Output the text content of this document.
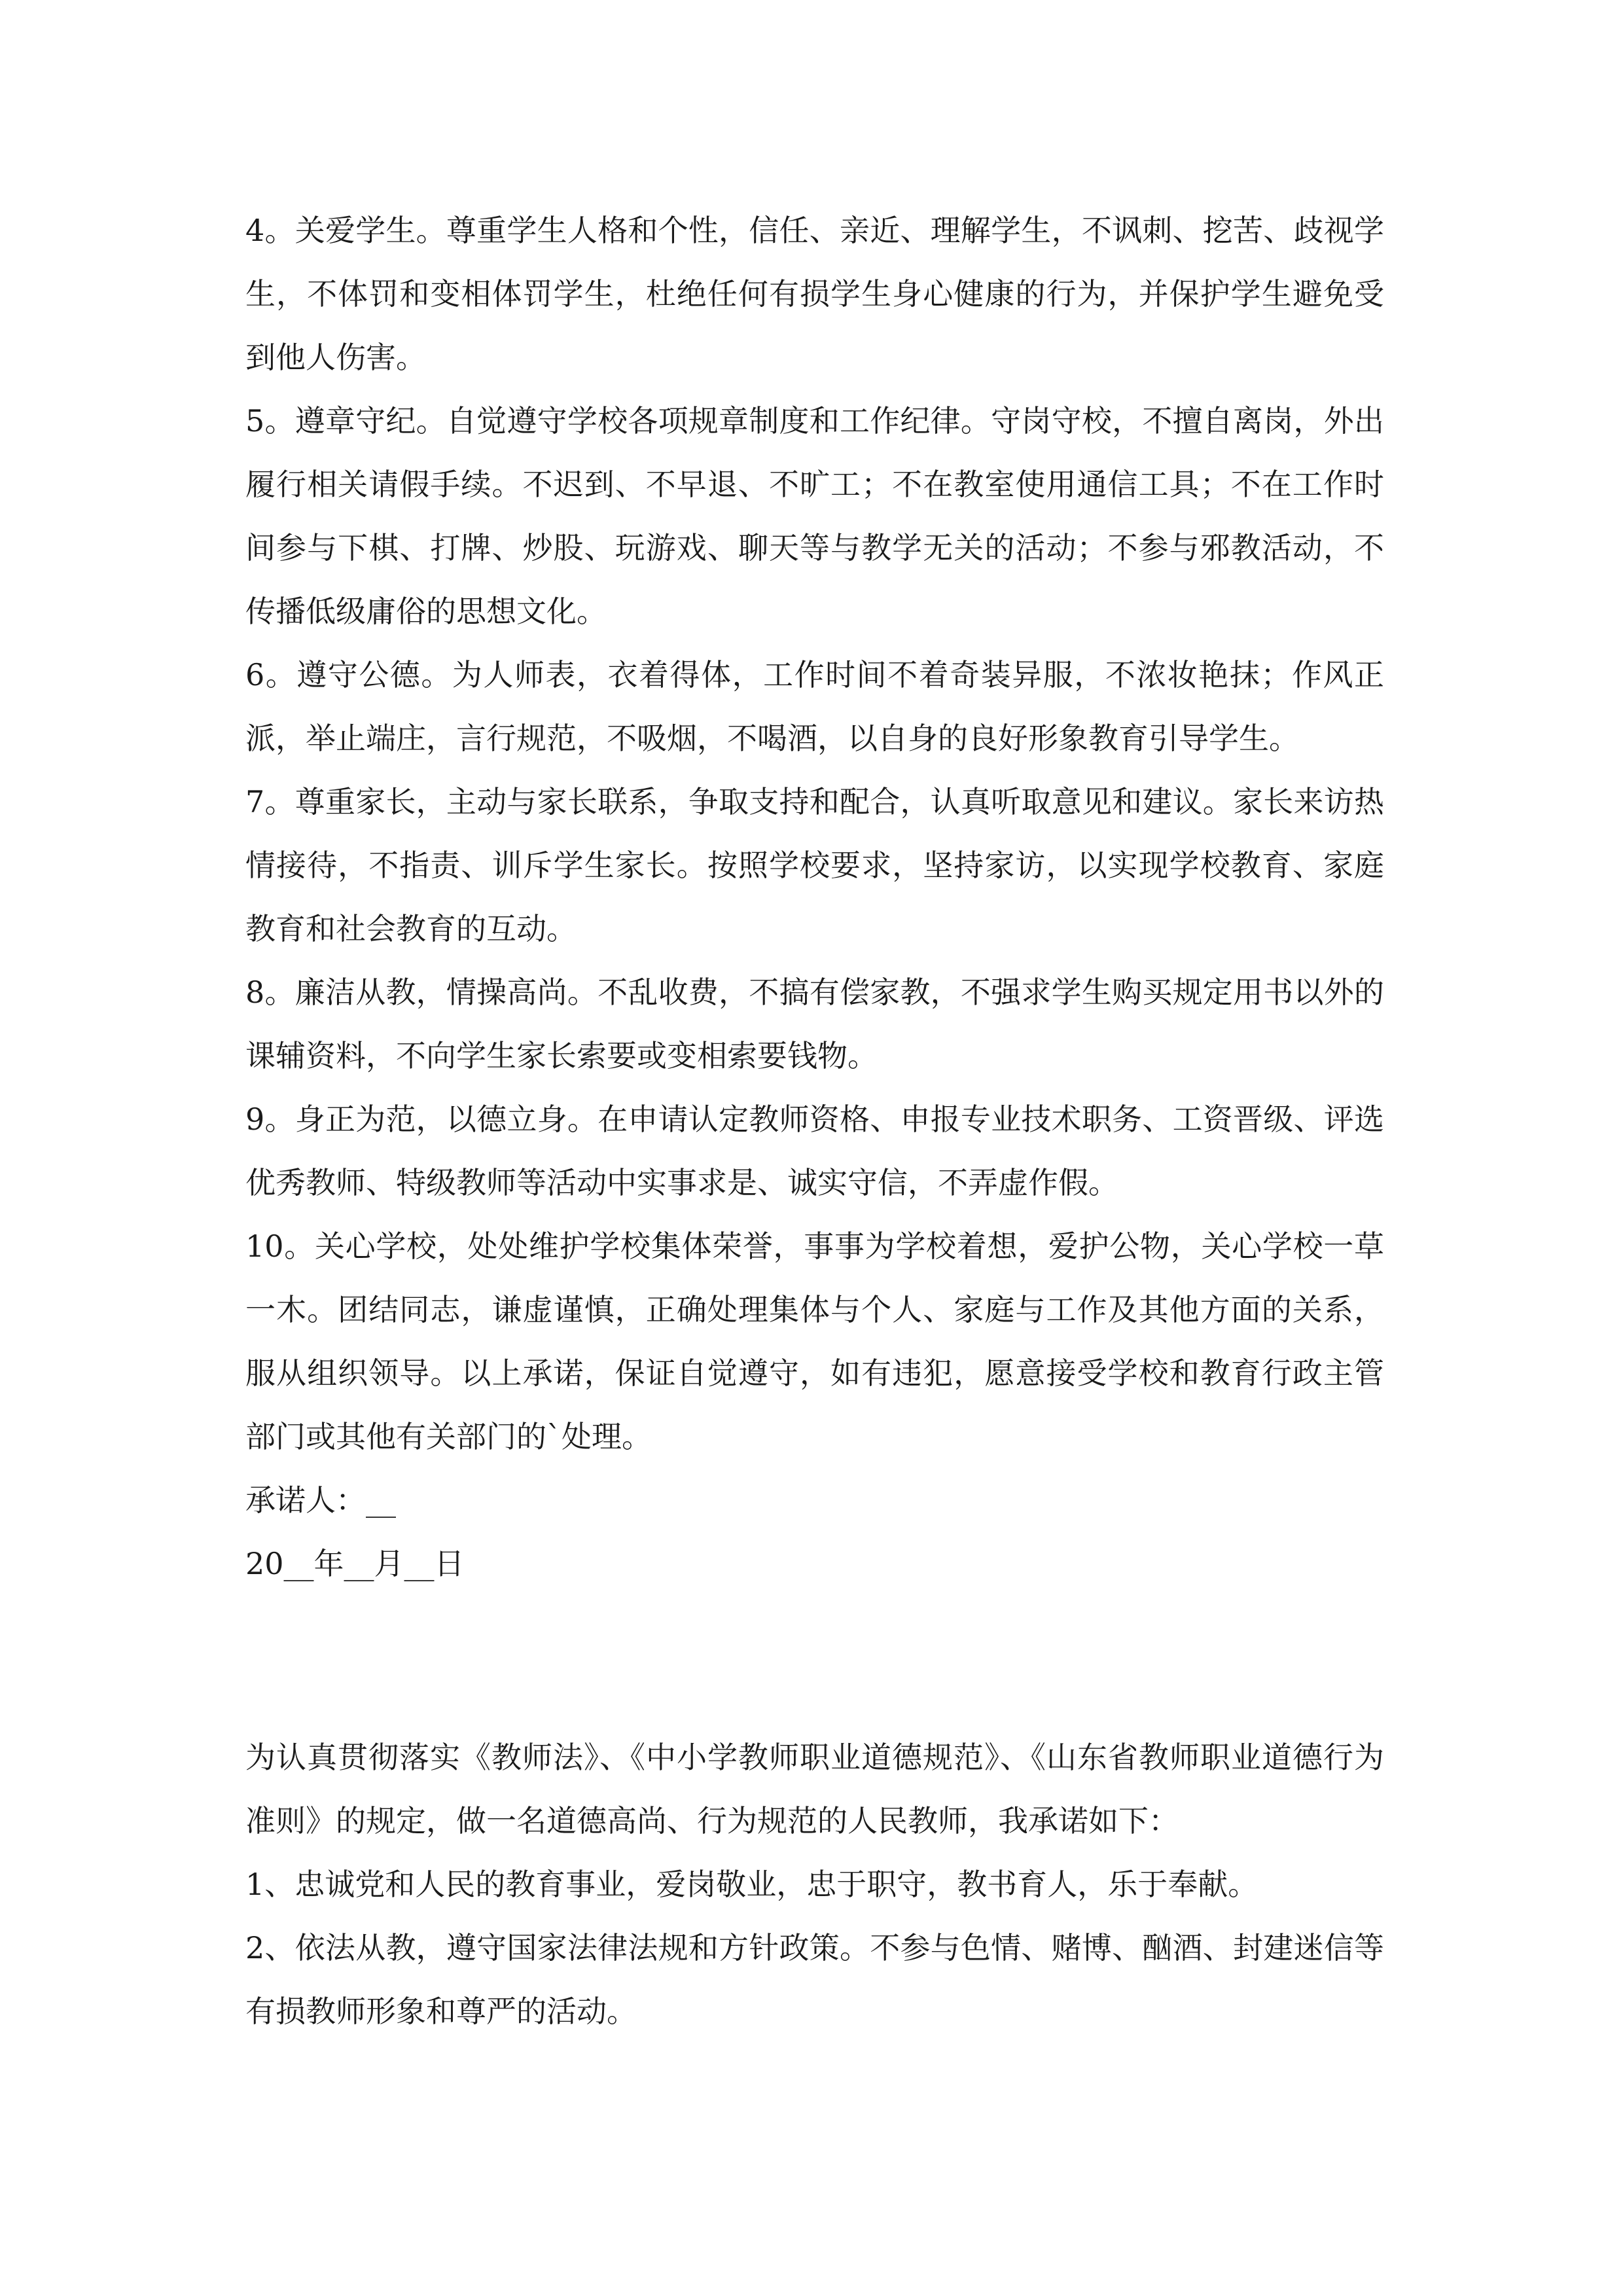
4。关爱学生。尊重学生人格和个性，信任、亲近、理解学生，不讽刺、挖苦、歧视学生，不体罚和变相体罚学生，杜绝任何有损学生身心健康的行为，并保护学生避免受到他人伤害。

5。遵章守纪。自觉遵守学校各项规章制度和工作纪律。守岗守校，不擅自离岗，外出履行相关请假手续。不迟到、不早退、不旷工；不在教室使用通信工具；不在工作时间参与下棋、打牌、炒股、玩游戏、聊天等与教学无关的活动；不参与邪教活动，不传播低级庸俗的思想文化。

6。遵守公德。为人师表，衣着得体，工作时间不着奇装异服，不浓妆艳抹；作风正派，举止端庄，言行规范，不吸烟，不喝酒，以自身的良好形象教育引导学生。

7。尊重家长，主动与家长联系，争取支持和配合，认真听取意见和建议。家长来访热情接待，不指责、训斥学生家长。按照学校要求，坚持家访，以实现学校教育、家庭教育和社会教育的互动。

8。廉洁从教，情操高尚。不乱收费，不搞有偿家教，不强求学生购买规定用书以外的课辅资料，不向学生家长索要或变相索要钱物。

9。身正为范，以德立身。在申请认定教师资格、申报专业技术职务、工资晋级、评选优秀教师、特级教师等活动中实事求是、诚实守信，不弄虚作假。

10。关心学校，处处维护学校集体荣誉，事事为学校着想，爱护公物，关心学校一草一木。团结同志，谦虚谨慎，正确处理集体与个人、家庭与工作及其他方面的关系，服从组织领导。以上承诺，保证自觉遵守，如有违犯，愿意接受学校和教育行政主管部门或其他有关部门的`处理。

承诺人：__

20__年__月__日

为认真贯彻落实《教师法》、《中小学教师职业道德规范》、《山东省教师职业道德行为准则》的规定，做一名道德高尚、行为规范的人民教师，我承诺如下：

1、忠诚党和人民的教育事业，爱岗敬业，忠于职守，教书育人，乐于奉献。

2、依法从教，遵守国家法律法规和方针政策。不参与色情、赌博、酗酒、封建迷信等有损教师形象和尊严的活动。
